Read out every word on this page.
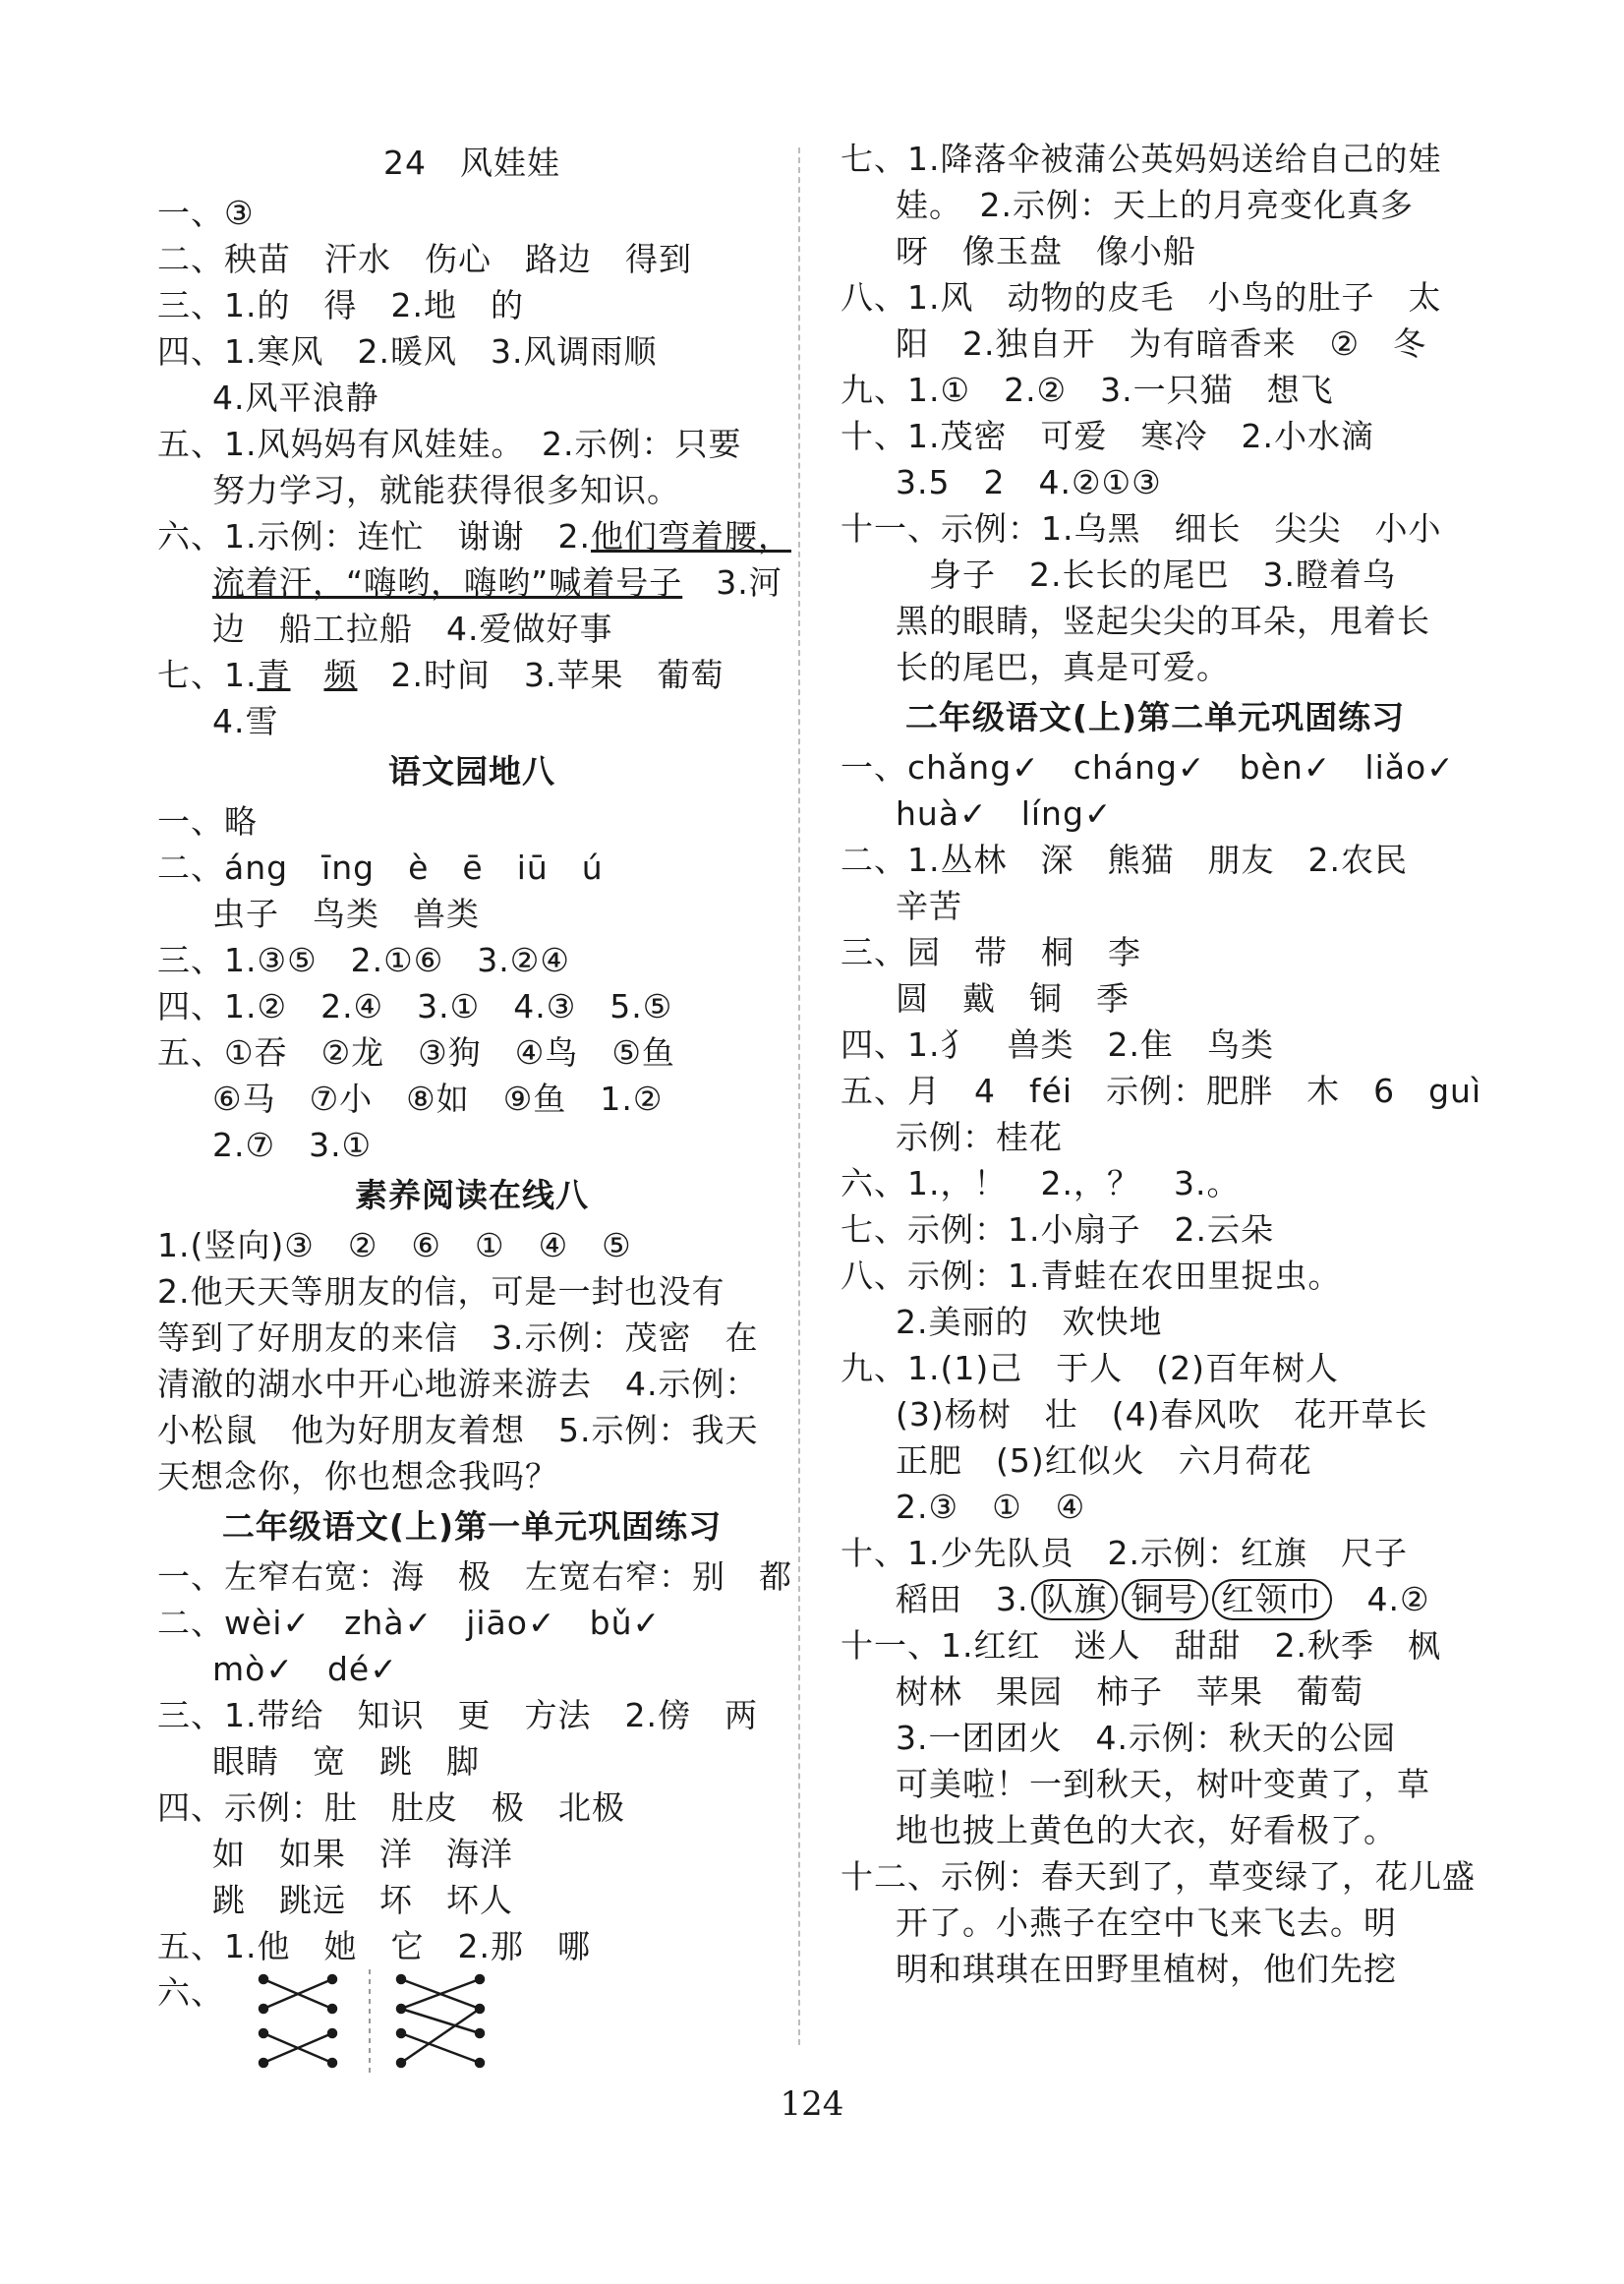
24　风娃娃
一、③
二、秧苗　汗水　伤心　路边　得到
三、1.的　得　2.地　的
四、1.寒风　2.暖风　3.风调雨顺
4.风平浪静
五、1.风妈妈有风娃娃。　2.示例：只要
努力学习，就能获得很多知识。
六、1.示例：连忙　谢谢　2.他们弯着腰，
流着汗，“嗨哟，嗨哟”喊着号子　3.河
边　船工拉船　4.爱做好事
七、1.青　 频　2.时间　3.苹果　葡萄
4.雪
语文园地八
一、略
二、áng　īng　è　ē　iū　ú
虫子　鸟类　兽类
三、1.③⑤　2.①⑥　3.②④
四、1.②　2.④　3.①　4.③　5.⑤
五、①吞　②龙　③狗　④鸟　⑤鱼
⑥马　⑦小　⑧如　⑨鱼　1.②
2.⑦　3.①
素养阅读在线八
1.(竖向)③　②　⑥　①　④　⑤
2.他天天等朋友的信，可是一封也没有
等到了好朋友的来信　3.示例：茂密　在
清澈的湖水中开心地游来游去　4.示例：
小松鼠　他为好朋友着想　5.示例：我天
天想念你，你也想念我吗？
二年级语文(上)第一单元巩固练习
一、左窄右宽：海　极　左宽右窄：别　都
二、wèi✓　zhà✓　jiāo✓　bǔ✓
mò✓　dé✓
三、1.带给　知识　更　方法　2.傍　两
眼睛　宽　跳　脚
四、示例：肚　肚皮　极　北极
如　如果　洋　海洋
跳　跳远　坏　坏人
五、1.他　她　它　2.那　哪
六、
七、1.降落伞被蒲公英妈妈送给自己的娃
娃。　2.示例：天上的月亮变化真多
呀　像玉盘　像小船
八、1.风　动物的皮毛　小鸟的肚子　太
阳　2.独自开　为有暗香来　②　冬
九、1.①　2.②　3.一只猫　想飞
十、1.茂密　可爱　寒冷　2.小水滴
3.5　2　4.②①③
十一、示例：1.乌黑　细长　尖尖　小小
身子　2.长长的尾巴　3.瞪着乌
黑的眼睛，竖起尖尖的耳朵，甩着长
长的尾巴，真是可爱。
二年级语文(上)第二单元巩固练习
一、chǎng✓　cháng✓　bèn✓　liǎo✓
huà✓　líng✓
二、1.丛林　深　熊猫　朋友　2.农民
辛苦
三、园　带　桐　李
圆　戴　铜　季
四、1.犭　兽类　2.隹　鸟类
五、月　4　féi　示例：肥胖　木　6　guì
示例：桂花
六、1.，！　2.，？　3.。
七、示例：1.小扇子　2.云朵
八、示例：1.青蛙在农田里捉虫。
2.美丽的　欢快地
九、1.(1)己　于人　(2)百年树人
(3)杨树　壮　(4)春风吹　花开草长
正肥　(5)红似火　六月荷花
2.③　①　④
十、1.少先队员　2.示例：红旗　尺子
稻田　3. 队旗 铜号 红领巾　4.②
十一、1.红红　迷人　甜甜　2.秋季　枫
树林　果园　柿子　苹果　葡萄
3.一团团火　4.示例：秋天的公园
可美啦！一到秋天，树叶变黄了，草
地也披上黄色的大衣，好看极了。
十二、示例：春天到了，草变绿了，花儿盛
开了。小燕子在空中飞来飞去。明
明和琪琪在田野里植树，他们先挖
124
